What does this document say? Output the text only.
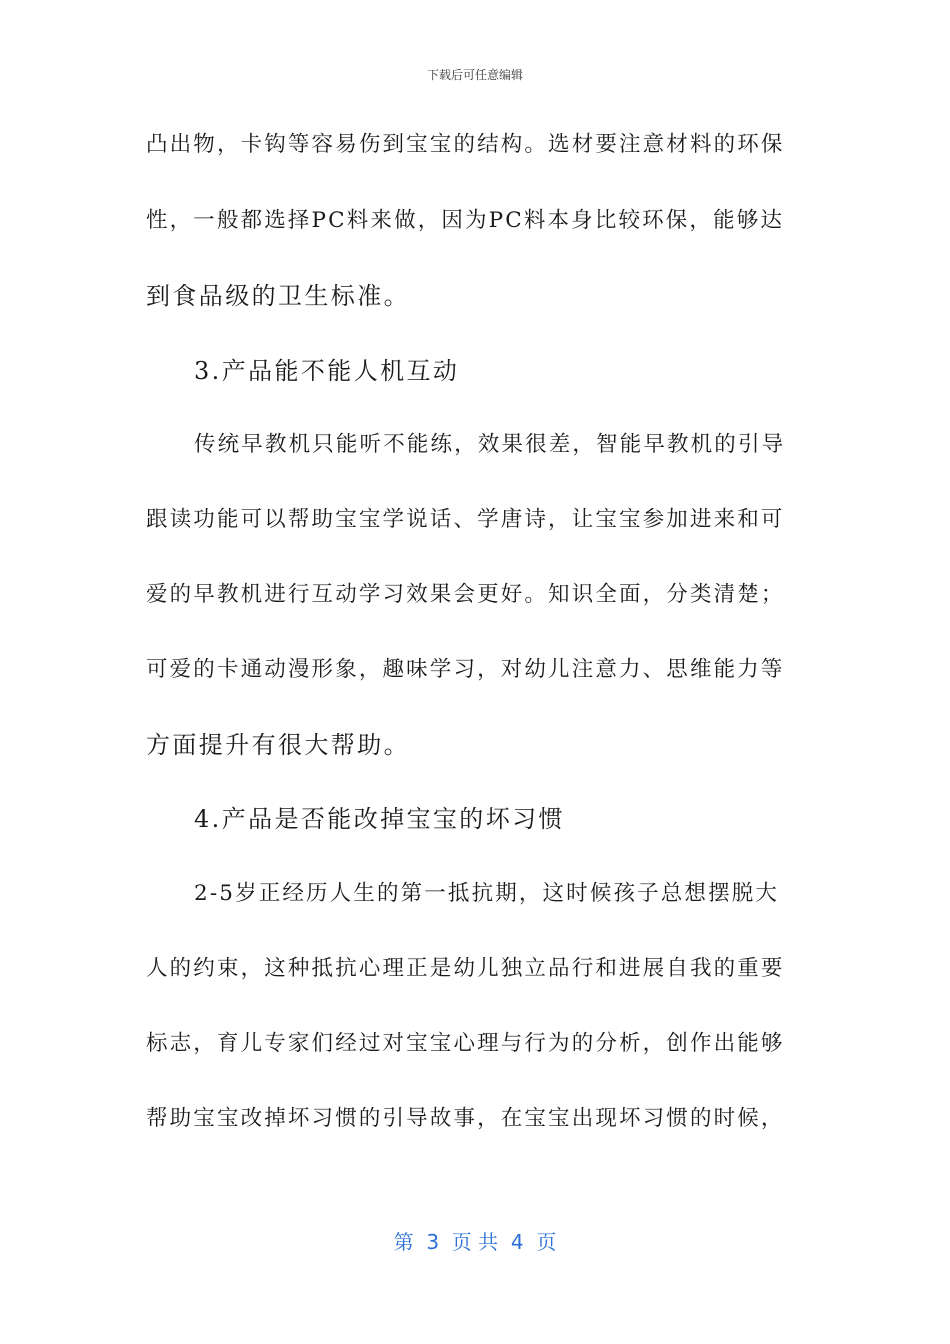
下载后可任意编辑
凸出物，卡钩等容易伤到宝宝的结构。选材要注意材料的环保
性，一般都选择PC料来做，因为PC料本身比较环保，能够达
到食品级的卫生标准。
3.产品能不能人机互动
传统早教机只能听不能练，效果很差，智能早教机的引导
跟读功能可以帮助宝宝学说话、学唐诗，让宝宝参加进来和可
爱的早教机进行互动学习效果会更好。知识全面，分类清楚；
可爱的卡通动漫形象，趣味学习，对幼儿注意力、思维能力等
方面提升有很大帮助。
4.产品是否能改掉宝宝的坏习惯
2-5岁正经历人生的第一抵抗期，这时候孩子总想摆脱大
人的约束，这种抵抗心理正是幼儿独立品行和进展自我的重要
标志，育儿专家们经过对宝宝心理与行为的分析，创作出能够
帮助宝宝改掉坏习惯的引导故事，在宝宝出现坏习惯的时候，
第  3  页 共  4  页
